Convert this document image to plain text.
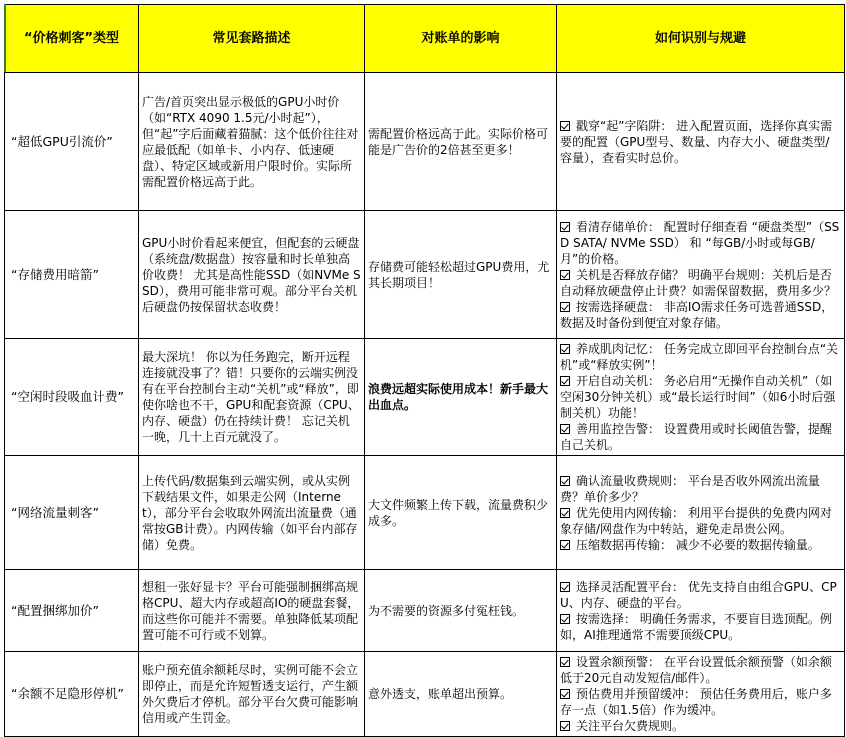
“价格刺客”类型	常见套路描述	对账单的影响	如何识别与规避
“超低GPU引流价”	广告/首页突出显示极低的GPU小时价（如“RTX 4090 1.5元/小时起”），但“起”字后面藏着猫腻：这个低价往往对应最低配（如单卡、小内存、低速硬盘）、特定区域或新用户限时价。实际所需配置价格远高于此。	需配置价格远高于此。实际价格可能是广告价的2倍甚至更多！	戳穿“起”字陷阱： 进入配置页面，选择你真实需要的配置（GPU型号、数量、内存大小、硬盘类型/容量），查看实时总价。

“存储费用暗箭”	GPU小时价看起来便宜，但配套的云硬盘（系统盘/数据盘）按容量和时长单独高价收费！ 尤其是高性能SSD（如NVMe SSD），费用可能非常可观。部分平台关机后硬盘仍按保留状态收费！	存储费可能轻松超过GPU费用，尤其长期项目！	看清存储单价： 配置时仔细查看 “硬盘类型”（SSD SATA/ NVMe SSD） 和 “每GB/小时或每GB/月”的价格。
关机是否释放存储？ 明确平台规则：关机后是否自动释放硬盘停止计费？如需保留数据，费用多少？
按需选择硬盘： 非高IO需求任务可选普通SSD，数据及时备份到便宜对象存储。

“空闲时段吸血计费”	最大深坑！ 你以为任务跑完，断开远程连接就没事了？错！只要你的云端实例没有在平台控制台主动“关机”或“释放”，即使你啥也不干，GPU和配套资源（CPU、内存、硬盘）仍在持续计费！ 忘记关机一晚，几十上百元就没了。	浪费远超实际使用成本！新手最大出血点。	养成肌肉记忆： 任务完成立即回平台控制台点“关机”或“释放实例”！
开启自动关机： 务必启用“无操作自动关机”（如空闲30分钟关机）或“最长运行时间”（如6小时后强制关机）功能！
善用监控告警： 设置费用或时长阈值告警，提醒自己关机。

“网络流量刺客”	上传代码/数据集到云端实例，或从实例下载结果文件，如果走公网（Internet），部分平台会收取外网流出流量费（通常按GB计费）。内网传输（如平台内部存储）免费。	大文件频繁上传下载，流量费积少成多。	确认流量收费规则： 平台是否收外网流出流量费？单价多少？
优先使用内网传输： 利用平台提供的免费内网对象存储/网盘作为中转站，避免走昂贵公网。
压缩数据再传输： 减少不必要的数据传输量。

“配置捆绑加价”	想租一张好显卡？平台可能强制捆绑高规格CPU、超大内存或超高IO的硬盘套餐，而这些你可能并不需要。单独降低某项配置可能不可行或不划算。	为不需要的资源多付冤枉钱。	选择灵活配置平台： 优先支持自由组合GPU、CPU、内存、硬盘的平台。
按需选择： 明确任务需求，不要盲目选顶配。例如，AI推理通常不需要顶级CPU。

“余额不足隐形停机”	账户预充值余额耗尽时，实例可能不会立即停止，而是允许短暂透支运行，产生额外欠费后才停机。部分平台欠费可能影响信用或产生罚金。	意外透支，账单超出预算。	设置余额预警： 在平台设置低余额预警（如余额低于20元自动发短信/邮件）。
预估费用并预留缓冲： 预估任务费用后，账户多存一点（如1.5倍）作为缓冲。
关注平台欠费规则。
